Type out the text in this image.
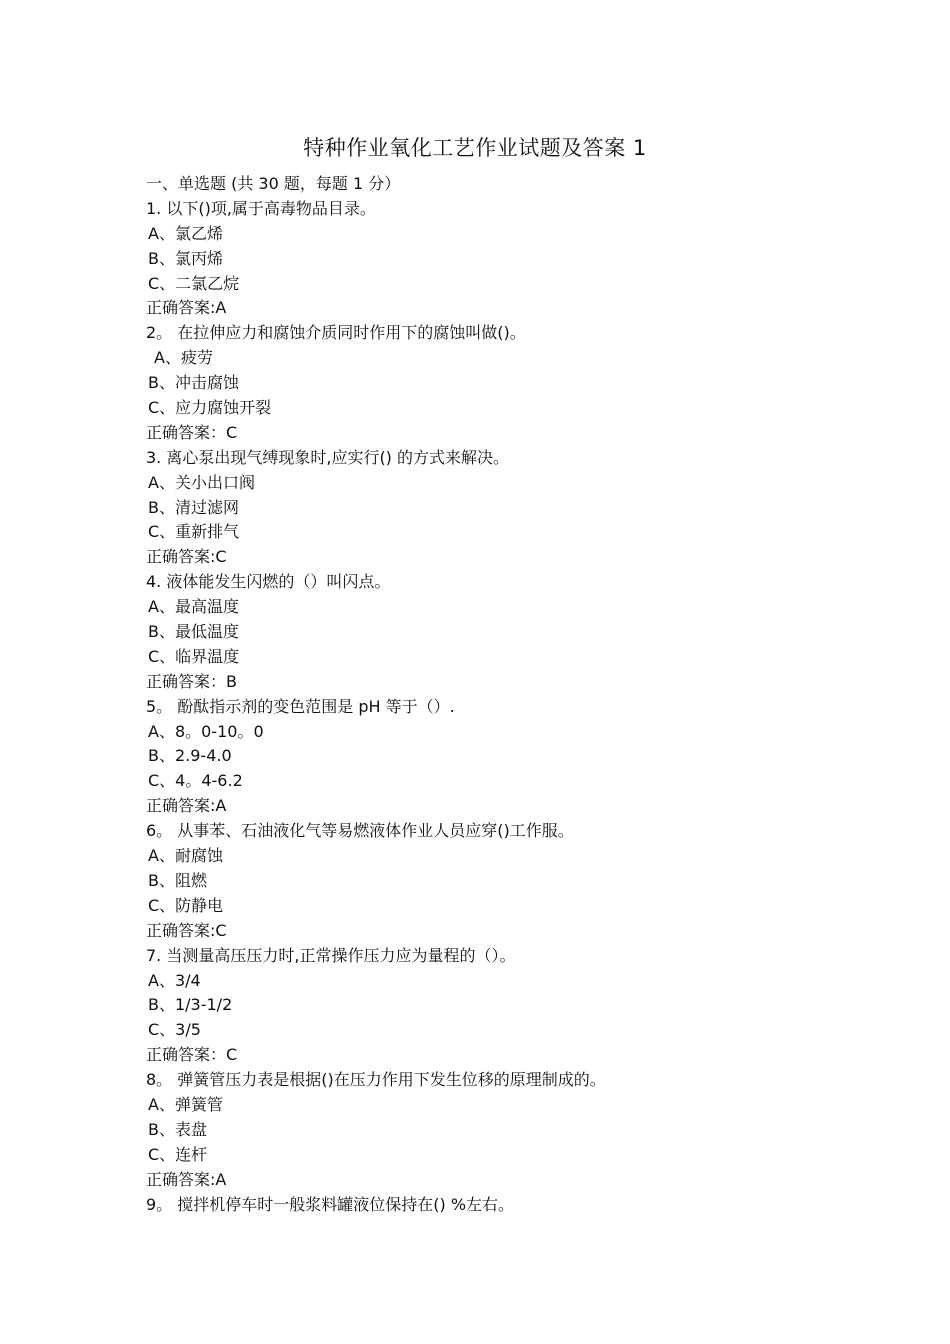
特种作业氧化工艺作业试题及答案 1
一、单选题 (共 30 题，每题 1 分）
1. 以下()项,属于高毒物品目录。
A、氯乙烯
B、氯丙烯
C、二氯乙烷
正确答案:A
2。 在拉伸应力和腐蚀介质同时作用下的腐蚀叫做()。
A、疲劳
B、冲击腐蚀
C、应力腐蚀开裂
正确答案：C
3. 离心泵出现气缚现象时,应实行() 的方式来解决。
A、关小出口阀
B、清过滤网
C、重新排气
正确答案:C
4. 液体能发生闪燃的（）叫闪点。
A、最高温度
B、最低温度
C、临界温度
正确答案：B
5。 酚酞指示剂的变色范围是 pH 等于（）.
A、8。0-10。0
B、2.9-4.0
C、4。4-6.2
正确答案:A
6。 从事苯、石油液化气等易燃液体作业人员应穿()工作服。
A、耐腐蚀
B、阻燃
C、防静电
正确答案:C
7. 当测量高压压力时,正常操作压力应为量程的（）。
A、3/4
B、1/3-1/2
C、3/5
正确答案：C
8。 弹簧管压力表是根据()在压力作用下发生位移的原理制成的。
A、弹簧管
B、表盘
C、连杆
正确答案:A
9。 搅拌机停车时一般浆料罐液位保持在() %左右。
